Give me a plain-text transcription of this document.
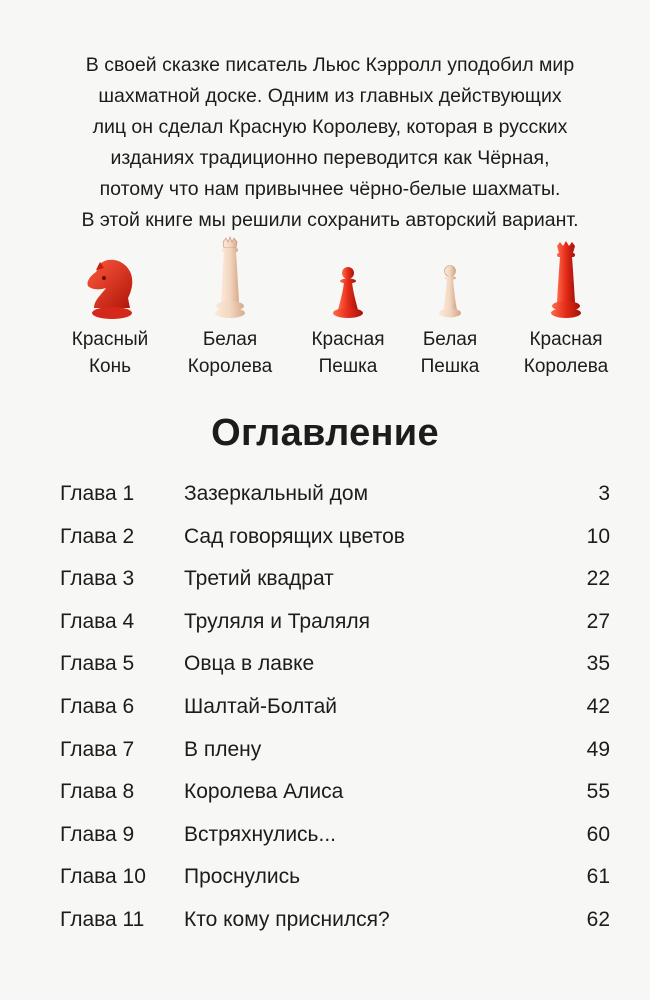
В своей сказке писатель Льюс Кэрролл уподобил мир
шахматной доске. Одним из главных действующих
лиц он сделал Красную Королеву, которая в русских
изданиях традиционно переводится как Чёрная,
потому что нам привычнее чёрно-белые шахматы.
В этой книге мы решили сохранить авторский вариант.
Красный
Конь
Белая
Королева
Красная
Пешка
Белая
Пешка
Красная
Королева
Оглавление
Глава 1 Зазеркальный дом	3
Глава 2 Сад говорящих цветов	10
Глава 3 Третий квадрат	22
Глава 4 Труляля и Траляля	27
Глава 5 Овца в лавке	35
Глава 6 Шалтай-Болтай	42
Глава 7 В плену	49
Глава 8 Королева Алиса	55
Глава 9 Встряхнулись...	60
Глава 10 Проснулись	61
Глава 11 Кто кому приснился?	62
